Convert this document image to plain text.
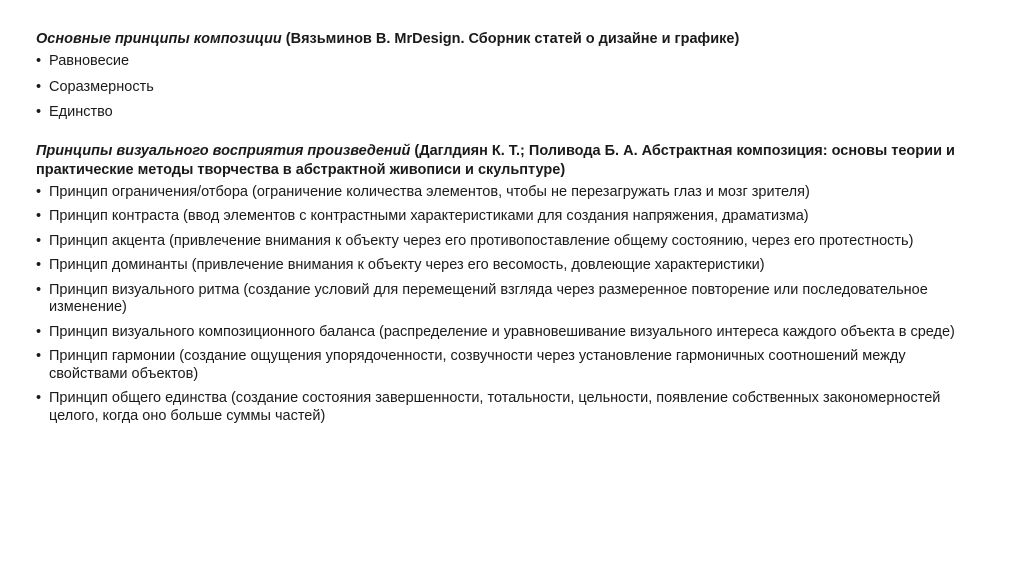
Основные принципы композиции (Вязьминов В. MrDesign. Сборник статей о дизайне и графике)

• Равновесие
• Соразмерность
• Единство

Принципы визуального восприятия произведений (Даглдиян К. Т.; Поливода Б. А. Абстрактная композиция: основы теории и практические методы творчества в абстрактной живописи и скульптуре)

• Принцип ограничения/отбора (ограничение количества элементов, чтобы не перезагружать глаз и мозг зрителя)
• Принцип контраста (ввод элементов с контрастными характеристиками для создания напряжения, драматизма)
• Принцип акцента (привлечение внимания к объекту через его противопоставление общему состоянию, через его протестность)
• Принцип доминанты (привлечение внимания к объекту через его весомость, довлеющие характеристики)
• Принцип визуального ритма (создание условий для перемещений взгляда через размеренное повторение или последовательное изменение)
• Принцип визуального композиционного баланса (распределение и уравновешивание визуального интереса каждого объекта в среде)
• Принцип гармонии (создание ощущения упорядоченности, созвучности через установление гармоничных соотношений между свойствами объектов)
• Принцип общего единства (создание состояния завершенности, тотальности, цельности, появление собственных закономерностей целого, когда оно больше суммы частей)
